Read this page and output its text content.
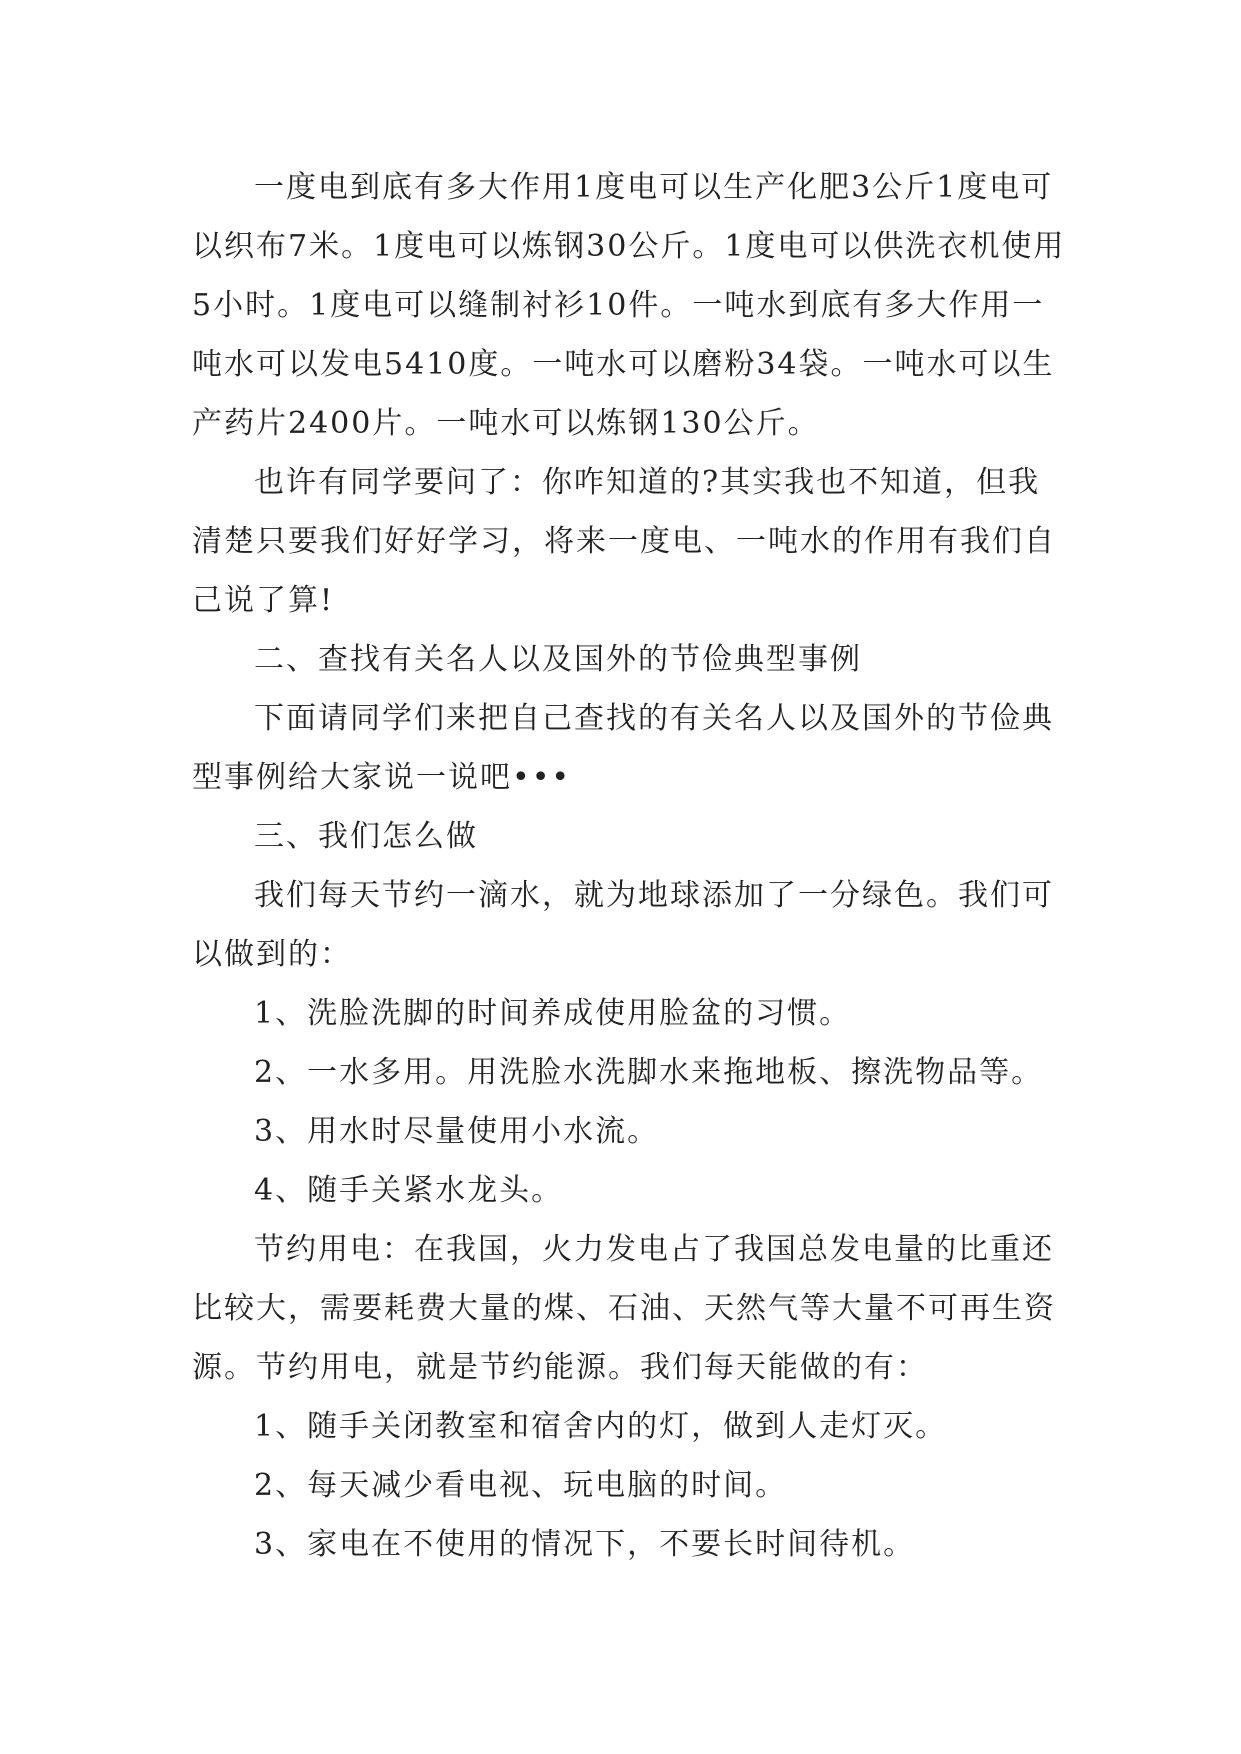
一度电到底有多大作用1度电可以生产化肥3公斤1度电可以织布7米。1度电可以炼钢30公斤。1度电可以供洗衣机使用5小时。1度电可以缝制衬衫10件。一吨水到底有多大作用一吨水可以发电5410度。一吨水可以磨粉34袋。一吨水可以生产药片2400片。一吨水可以炼钢130公斤。

也许有同学要问了：你咋知道的?其实我也不知道，但我清楚只要我们好好学习，将来一度电、一吨水的作用有我们自己说了算!

二、查找有关名人以及国外的节俭典型事例

下面请同学们来把自己查找的有关名人以及国外的节俭典型事例给大家说一说吧•••

三、我们怎么做

我们每天节约一滴水，就为地球添加了一分绿色。我们可以做到的：

1、洗脸洗脚的时间养成使用脸盆的习惯。

2、一水多用。用洗脸水洗脚水来拖地板、擦洗物品等。

3、用水时尽量使用小水流。

4、随手关紧水龙头。

节约用电：在我国，火力发电占了我国总发电量的比重还比较大，需要耗费大量的煤、石油、天然气等大量不可再生资源。节约用电，就是节约能源。我们每天能做的有：

1、随手关闭教室和宿舍内的灯，做到人走灯灭。

2、每天减少看电视、玩电脑的时间。

3、家电在不使用的情况下，不要长时间待机。
